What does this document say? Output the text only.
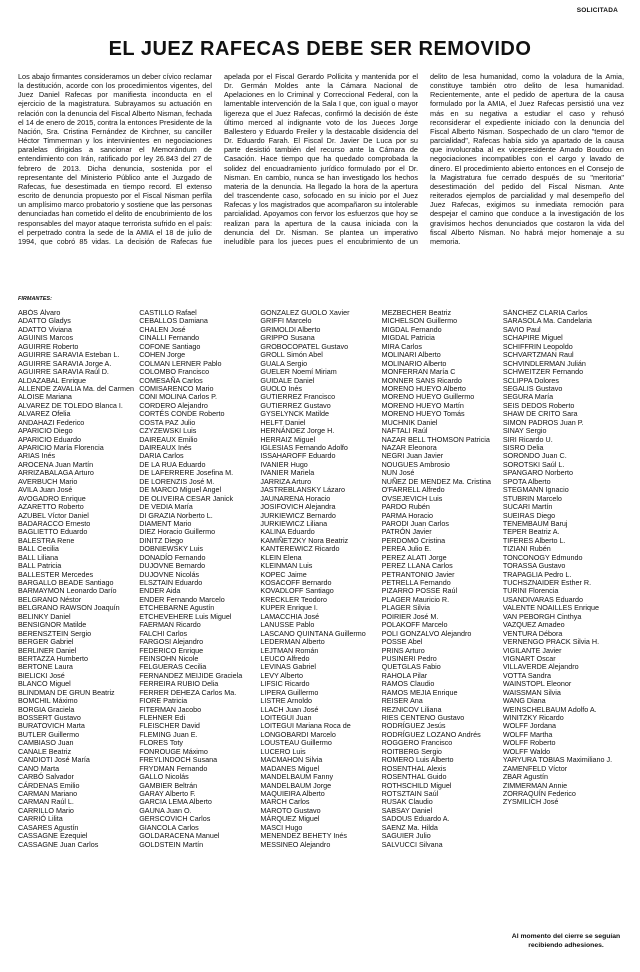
SOLICITADA
EL JUEZ RAFECAS DEBE SER REMOVIDO

Los abajo firmantes consideramos un deber cívico reclamar la destitución, acorde con los procedimientos vigentes, del Juez Daniel Rafecas por manifiesta inconducta en el ejercicio de la magistratura. Subrayamos su actuación en relación con la denuncia del Fiscal Alberto Nisman, fechada el 14 de enero de 2015, contra la entonces Presidente de la Nación, Sra. Cristina Fernández de Kirchner, su canciller Héctor Timmerman y los intervinientes en negociaciones paralelas dirigidas a sancionar el Memorándum de entendimiento con Irán, ratificado por ley 26.843 del 27 de febrero de 2013. Dicha denuncia, sostenida por el representante del Ministerio Público ante el Juzgado de Rafecas, fue desestimada en tiempo record. El extenso escrito de denuncia propuesto por el Fiscal Nisman perfila un amplísimo marco probatorio y sostiene que las personas denunciadas han cometido el delito de encubrimiento de los responsables del mayor ataque terrorista sufrido en el país: el perpetrado contra la sede de la AMIA el 18 de julio de 1994, que cobró 85 vidas. La decisión de Rafecas fue apelada por el Fiscal Gerardo Pollicita y mantenida por el Dr. Germán Moldes ante la Cámara Nacional de Apelaciones en lo Criminal y Correccional Federal, con la lamentable intervención de la Sala I que, con igual o mayor ligereza que el Juez Rafecas, confirmó la decisión de éste último merced al indignante voto de los Jueces Jorge Ballestero y Eduardo Freiler y la destacable disidencia del Dr. Eduardo Farah. El Fiscal Dr. Javier De Luca por su parte desistió también del recurso ante la Cámara de Casación. Hace tiempo que ha quedado comprobada la solidez del encuadramiento jurídico formulado por el Dr. Nisman. En cambio, nunca se han investigado los hechos materia de la denuncia. Ha llegado la hora de la apertura del trascendente caso, sofocado en su inicio por el Juez Rafecas y los magistrados que acompañaron su intolerable parcialidad. Apoyamos con fervor los esfuerzos que hoy se realizan para la apertura de la causa iniciada con la denuncia del Dr. Nisman. Se plantea un imperativo ineludible para los jueces pues el encubrimiento de un delito de lesa humanidad, como la voladura de la Amia, constituye también otro delito de lesa humanidad. Recientemente, ante el pedido de apertura de la causa formulado por la AMIA, el Juez Rafecas persistió una vez más en su negativa a estudiar el caso y rehusó reconsiderar el expediente iniciado con la denuncia del Fiscal Alberto Nisman. Sospechado de un claro "temor de parcialidad", Rafecas había sido ya apartado de la causa que involucraba al ex vicepresidente Amado Boudou en negociaciones incompatibles con el cargo y lavado de dinero. El procedimiento abierto entonces en el Consejo de la Magistratura fue cerrado después de su "meritoria" desestimación del pedido del Fiscal Nisman. Ante reiterados ejemplos de parcialidad y mal desempeño del Juez Rafecas, exigimos su inmediata remoción para despejar el camino que conduce a la investigación de los gravísimos hechos denunciados que costaron la vida del fiscal Alberto Nisman. No habrá mejor homenaje a su memoria.

FIRMANTES:
ABÓS Álvaro
ADATTO Gladys
ADATTO Viviana
AGUINIS Marcos
AGUIRRE Roberto
AGUIRRE SARAVIA Esteban L.
AGUIRRE SARAVIA Jorge A.
AGUIRRE SARAVIA Raúl D.
ALDAZABAL Enrique
ALLENDE ZAVALIA Ma. del Carmen
ALOISE Mariana
ALVAREZ DE TOLEDO Blanca I.
ALVAREZ Ofelia
ANDAHAZI Federico
APARICIO Diego
APARICIO Eduardo
APARICIO María Florencia
ARIAS Inés
AROCENA Juan Martín
ARRIZABALAGA Arturo
AVERBUCH Mario
AVILA Juan José
AVOGADRO Enrique
AZARETTO Roberto
AZUBEL Víctor Daniel
BADARACCO Ernesto
BAGLIETTO Eduardo
BALESTRA Rene
BALL Cecilia
BALL Liliana
BALL Patricia
BALLESTER Mercedes
BARGALLO BEADE Santiago
BARMAYMON Leonardo Darío
BELGRANO Néstor
BELGRANO RAWSON Joaquín
BELINKY Daniel
BENSIGNOR Matilde
BERENSZTEIN Sergio
BERGER Gabriel
BERLINER Daniel
BERTAZZA Humberto
BERTONE Laura
BIELICKI José
BLANCO Miguel
BLINDMAN DE GRUN Beatriz
BOMCHIL Máximo
BORGIA Graciela
BOSSERT Gustavo
BURATOVICH Marta
BUTLER Guillermo
CAMBIASO Juan
CANALE Beatriz
CANDIOTI José María
CANO Marta
CARBÓ Salvador
CÁRDENAS Emilio
CARMAN Mariano
CARMAN Raúl L.
CARRILLO Mario
CARRIÓ Lilita
CASARES Agustín
CASSAGNE Ezequiel
CASSAGNE Juan Carlos
CASTILLO Rafael
CEBALLOS Damiana
CHALEN José
CINALLI Fernando
COFONE Santiago
COHEN Jorge
COLMAN LERNER Pablo
COLOMBO Francisco
COMESAÑA Carlos
COMISARENCO Mario
CONI MOLINA Carlos P.
CORDERO Alejandro
CORTÉS CONDE Roberto
COSTA PAZ Julio
CZYZEWSKI Luis
DAIREAUX Emilio
DAIREAUX Inés
DARIA Carlos
DE LA RUA Eduardo
DE LAFERRERE Josefina M.
DE LORENZIS José M.
DE MARCO Miguel Angel
DE OLIVEIRA CESAR Janick
DE VEDIA María
DI GRAZIA Norberto L.
DIAMENT Mario
DIEZ Horacio Guillermo
DINITZ Diego
DOBNIEWSKY Luis
DONADÍO Fernando
DUJOVNE Bernardo
DUJOVNE Nicolás
ELSZTAIN Eduardo
ENDER Aida
ENDER Fernando Marcelo
ETCHEBARNE Agustín
ETCHEVEHERE Luis Miguel
FAERMAN Ricardo
FALCHI Carlos
FARGOSI Alejandro
FEDERICO Enrique
FEINSOHN Nicole
FELGUERAS Cecilia
FERNANDEZ MEIJIDE Graciela
FERREIRA RUBIO Delia
FERRER DEHEZA Carlos Ma.
FIORE Patricia
FITERMAN Jacobo
FLEHNER Edi
FLEISCHER David
FLEMING Juan E.
FLORES Toty
FONROUGE Máximo
FREYLINDOCH Susana
FRYDMAN Fernando
GALLO Nicolás
GAMBIER Beltrán
GARAY Alberto F.
GARCIA LEMA Alberto
GAUNA Juan O.
GERSCOVICH Carlos
GIANCOLA Carlos
GOLDARACENA Manuel
GOLDSTEIN Martín
GONZALEZ GUOLO Xavier
GRIFFI Marcelo
GRIMOLDI Alberto
GRIPPO Susana
GROBOCOPATEL Gustavo
GROLL Simón Abel
GUALA Sergio
GUELER Noemí Miriam
GUIDALE Daniel
GUOLO Inés
GUTIERREZ Francisco
GUTIERREZ Gustavo
GYSELYNCK Matilde
HELFT Daniel
HERNÁNDEZ Jorge H.
HERRAIZ Miguel
IGLESIAS Fernando Adolfo
ISSAHAROFF Eduardo
IVANIER Hugo
IVANIER Mariela
JARRIZA Arturo
JASTREBLANSKY Lázaro
JAUNARENA Horacio
JOSIFOVICH Alejandra
JURKIEWICZ Bernardo
JURKIEWICZ Liliana
KALINA Eduardo
KAMIÑETZKY Nora Beatriz
KANTEREWICZ Ricardo
KLEIN Elena
KLEINMAN Luis
KOPEC Jaime
KOSACOFF Bernardo
KOVADLOFF Santiago
KRECKLER Teodoro
KUPER Enrique I.
LAMACCHIA José
LANUSSE Pablo
LASCANO QUINTANA Guillermo
LEDERMAN Alberto
LEJTMAN Román
LEUCO Alfredo
LEVINAS Gabriel
LEVY Alberto
LIFSIC Ricardo
LIPERA Guillermo
LISTRE Arnoldo
LLACH Juan José
LOITEGUI Juan
LOITEGUI Mariana Roca de
LONGOBARDI Marcelo
LOUSTEAU Guillermo
LUCERO Luis
MACMAHON Silvia
MADANES Miguel
MANDELBAUM Fanny
MANDELBAUM Jorge
MAQUIEIRA Alberto
MARCH Carlos
MAROTO Gustavo
MÁRQUEZ Miguel
MASCI Hugo
MENENDEZ BEHETY Inés
MESSINEO Alejandro
MEZBECHER Beatriz
MICHELSON Guillermo
MIGDAL Fernando
MIGDAL Patricia
MIRA Carlos
MOLINARI Alberto
MOLINARIO Alberto
MONFERRAN María C
MONNER SANS Ricardo
MORENO HUEYO Alberto
MORENO HUEYO Guillermo
MORENO HUEYO Martín
MORENO HUEYO Tomás
MUCHNIK Daniel
NAFTALI Raúl
NAZAR BELL THOMSON Patricia
NAZAR Eleonora
NEGRI Juan Javier
NOUGUES Ambrosio
NUN José
NUÑEZ DE MENDEZ Ma. Cristina
O'FARRELL Alfredo
OVSEJEVICH Luis
PARDO Rubén
PARMA Horacio
PARODI Juan Carlos
PATRÓN Javier
PERDOMO Cristina
PEREA Julio E.
PEREZ ALATI Jorge
PEREZ LLANA Carlos
PETRANTONIO Javier
PETRELLA Fernando
PIZARRO POSSE Raúl
PLAGER Mauricio R.
PLAGER Silvia
POIRIER José M.
POLAKOFF Marcelo
POLI GONZALVO Alejandro
POSSE Abel
PRINS Arturo
PUSINERI Pedro
QUETGLAS Fabio
RAHOLA Pilar
RAMOS Claudio
RAMOS MEJIA Enrique
REISER Ana
REZNICOV Liliana
RIES CENTENO Gustavo
RODRÍGUEZ Jesús
RODRÍGUEZ LOZANO Andrés
ROGGERO Francisco
ROITBERG Sergio
ROMERO Luis Alberto
ROSENTHAL Alexis
ROSENTHAL Guido
ROTHSCHILD Miguel
ROTSZTAIN Saúl
RUSAK Claudio
SABSAY Daniel
SADOUS Eduardo A.
SAENZ Ma. Hilda
SAGUIER Julio
SALVUCCI Silvana
SÁNCHEZ CLARIA Carlos
SARASOLA Ma. Candelaria
SAVIO Paul
SCHAPIRE Miguel
SCHIFFRIN Leopoldo
SCHVARTZMAN Raul
SCHVINDLERMAN Julián
SCHWEITZER Fernando
SCLIPPA Dolores
SEGALIS Gustavo
SEGURA María
SEIS DEDOS Roberto
SHAW DE CRITO Sara
SIMON PADROS Juan P.
SINAY Sergio
SIRI Ricardo U.
SISRO Delia
SORONDO Juan C.
SOROTSKI Saúl L.
SPANGARO Norberto
SPOTA Alberto
STEGMANN Ignacio
STUBRIN Marcelo
SUCARI Martín
SUEIRAS Diego
TENEMBAUM Baruj
TEPER Beatriz A.
TIFERES Alberto L.
TIZIANI Rubén
TONCONOGY Edmundo
TORASSA Gustavo
TRAPAGLIA Pedro L.
TUCHSZNAIDER Esther R.
TURINI Florencia
USANDIVARAS Eduardo
VALENTE NOAILLES Enrique
VAN PEBORGH Cinthya
VAZQUEZ Amadeo
VENTURA Débora
VERNENGO PRACK Silvia H.
VIGILANTE Javier
VIGNART Oscar
VILLAVERDE Alejandro
VOTTA Sandra
WAINSTOPL Eleonor
WAISSMAN Silvia
WANG Diana
WEINSCHELBAUM Adolfo A.
WINITZKY Ricardo
WOLFF Jordana
WOLFF Martha
WOLFF Roberto
WOLFF Waldo
YARYURA TOBIAS Maximiliano J.
ZAMENFELD Víctor
ZBAR Agustín
ZIMMERMAN Annie
ZORRAQUÍN Federico
ZYSMILICH José
Al momento del cierre se seguían recibiendo adhesiones.
